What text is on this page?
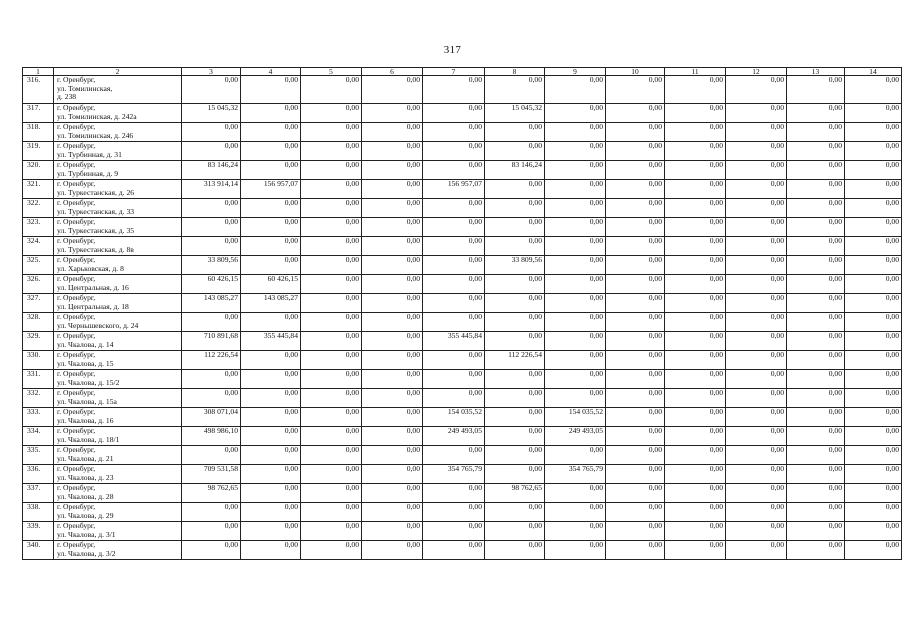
317
1	2	3	4	5	6	7	8	9	10	11	12	13	14
316.	г. Оренбург,
ул. Томилинская,
д. 238	0,00	0,00	0,00	0,00	0,00	0,00	0,00	0,00	0,00	0,00	0,00	0,00
317.	г. Оренбург,
ул. Томилинская, д. 242а	15 045,32	0,00	0,00	0,00	0,00	15 045,32	0,00	0,00	0,00	0,00	0,00	0,00
318.	г. Оренбург,
ул. Томилинская, д. 246	0,00	0,00	0,00	0,00	0,00	0,00	0,00	0,00	0,00	0,00	0,00	0,00
319.	г. Оренбург,
ул. Турбинная, д. 31	0,00	0,00	0,00	0,00	0,00	0,00	0,00	0,00	0,00	0,00	0,00	0,00
320.	г. Оренбург,
ул. Турбинная, д. 9	83 146,24	0,00	0,00	0,00	0,00	83 146,24	0,00	0,00	0,00	0,00	0,00	0,00
321.	г. Оренбург,
ул. Туркестанская, д. 26	313 914,14	156 957,07	0,00	0,00	156 957,07	0,00	0,00	0,00	0,00	0,00	0,00	0,00
322.	г. Оренбург,
ул. Туркестанская, д. 33	0,00	0,00	0,00	0,00	0,00	0,00	0,00	0,00	0,00	0,00	0,00	0,00
323.	г. Оренбург,
ул. Туркестанская, д. 35	0,00	0,00	0,00	0,00	0,00	0,00	0,00	0,00	0,00	0,00	0,00	0,00
324.	г. Оренбург,
ул. Туркестанская, д. 8в	0,00	0,00	0,00	0,00	0,00	0,00	0,00	0,00	0,00	0,00	0,00	0,00
325.	г. Оренбург,
ул. Харьковская, д. 8	33 809,56	0,00	0,00	0,00	0,00	33 809,56	0,00	0,00	0,00	0,00	0,00	0,00
326.	г. Оренбург,
ул. Центральная, д. 16	60 426,15	60 426,15	0,00	0,00	0,00	0,00	0,00	0,00	0,00	0,00	0,00	0,00
327.	г. Оренбург,
ул. Центральная, д. 18	143 085,27	143 085,27	0,00	0,00	0,00	0,00	0,00	0,00	0,00	0,00	0,00	0,00
328.	г. Оренбург,
ул. Чернышевского, д. 24	0,00	0,00	0,00	0,00	0,00	0,00	0,00	0,00	0,00	0,00	0,00	0,00
329.	г. Оренбург,
ул. Чкалова, д. 14	710 891,68	355 445,84	0,00	0,00	355 445,84	0,00	0,00	0,00	0,00	0,00	0,00	0,00
330.	г. Оренбург,
ул. Чкалова, д. 15	112 226,54	0,00	0,00	0,00	0,00	112 226,54	0,00	0,00	0,00	0,00	0,00	0,00
331.	г. Оренбург,
ул. Чкалова, д. 15/2	0,00	0,00	0,00	0,00	0,00	0,00	0,00	0,00	0,00	0,00	0,00	0,00
332.	г. Оренбург,
ул. Чкалова, д. 15а	0,00	0,00	0,00	0,00	0,00	0,00	0,00	0,00	0,00	0,00	0,00	0,00
333.	г. Оренбург,
ул. Чкалова, д. 16	308 071,04	0,00	0,00	0,00	154 035,52	0,00	154 035,52	0,00	0,00	0,00	0,00	0,00
334.	г. Оренбург,
ул. Чкалова, д. 18/1	498 986,10	0,00	0,00	0,00	249 493,05	0,00	249 493,05	0,00	0,00	0,00	0,00	0,00
335.	г. Оренбург,
ул. Чкалова, д. 21	0,00	0,00	0,00	0,00	0,00	0,00	0,00	0,00	0,00	0,00	0,00	0,00
336.	г. Оренбург,
ул. Чкалова, д. 23	709 531,58	0,00	0,00	0,00	354 765,79	0,00	354 765,79	0,00	0,00	0,00	0,00	0,00
337.	г. Оренбург,
ул. Чкалова, д. 28	98 762,65	0,00	0,00	0,00	0,00	98 762,65	0,00	0,00	0,00	0,00	0,00	0,00
338.	г. Оренбург,
ул. Чкалова, д. 29	0,00	0,00	0,00	0,00	0,00	0,00	0,00	0,00	0,00	0,00	0,00	0,00
339.	г. Оренбург,
ул. Чкалова, д. 3/1	0,00	0,00	0,00	0,00	0,00	0,00	0,00	0,00	0,00	0,00	0,00	0,00
340.	г. Оренбург,
ул. Чкалова, д. 3/2	0,00	0,00	0,00	0,00	0,00	0,00	0,00	0,00	0,00	0,00	0,00	0,00
